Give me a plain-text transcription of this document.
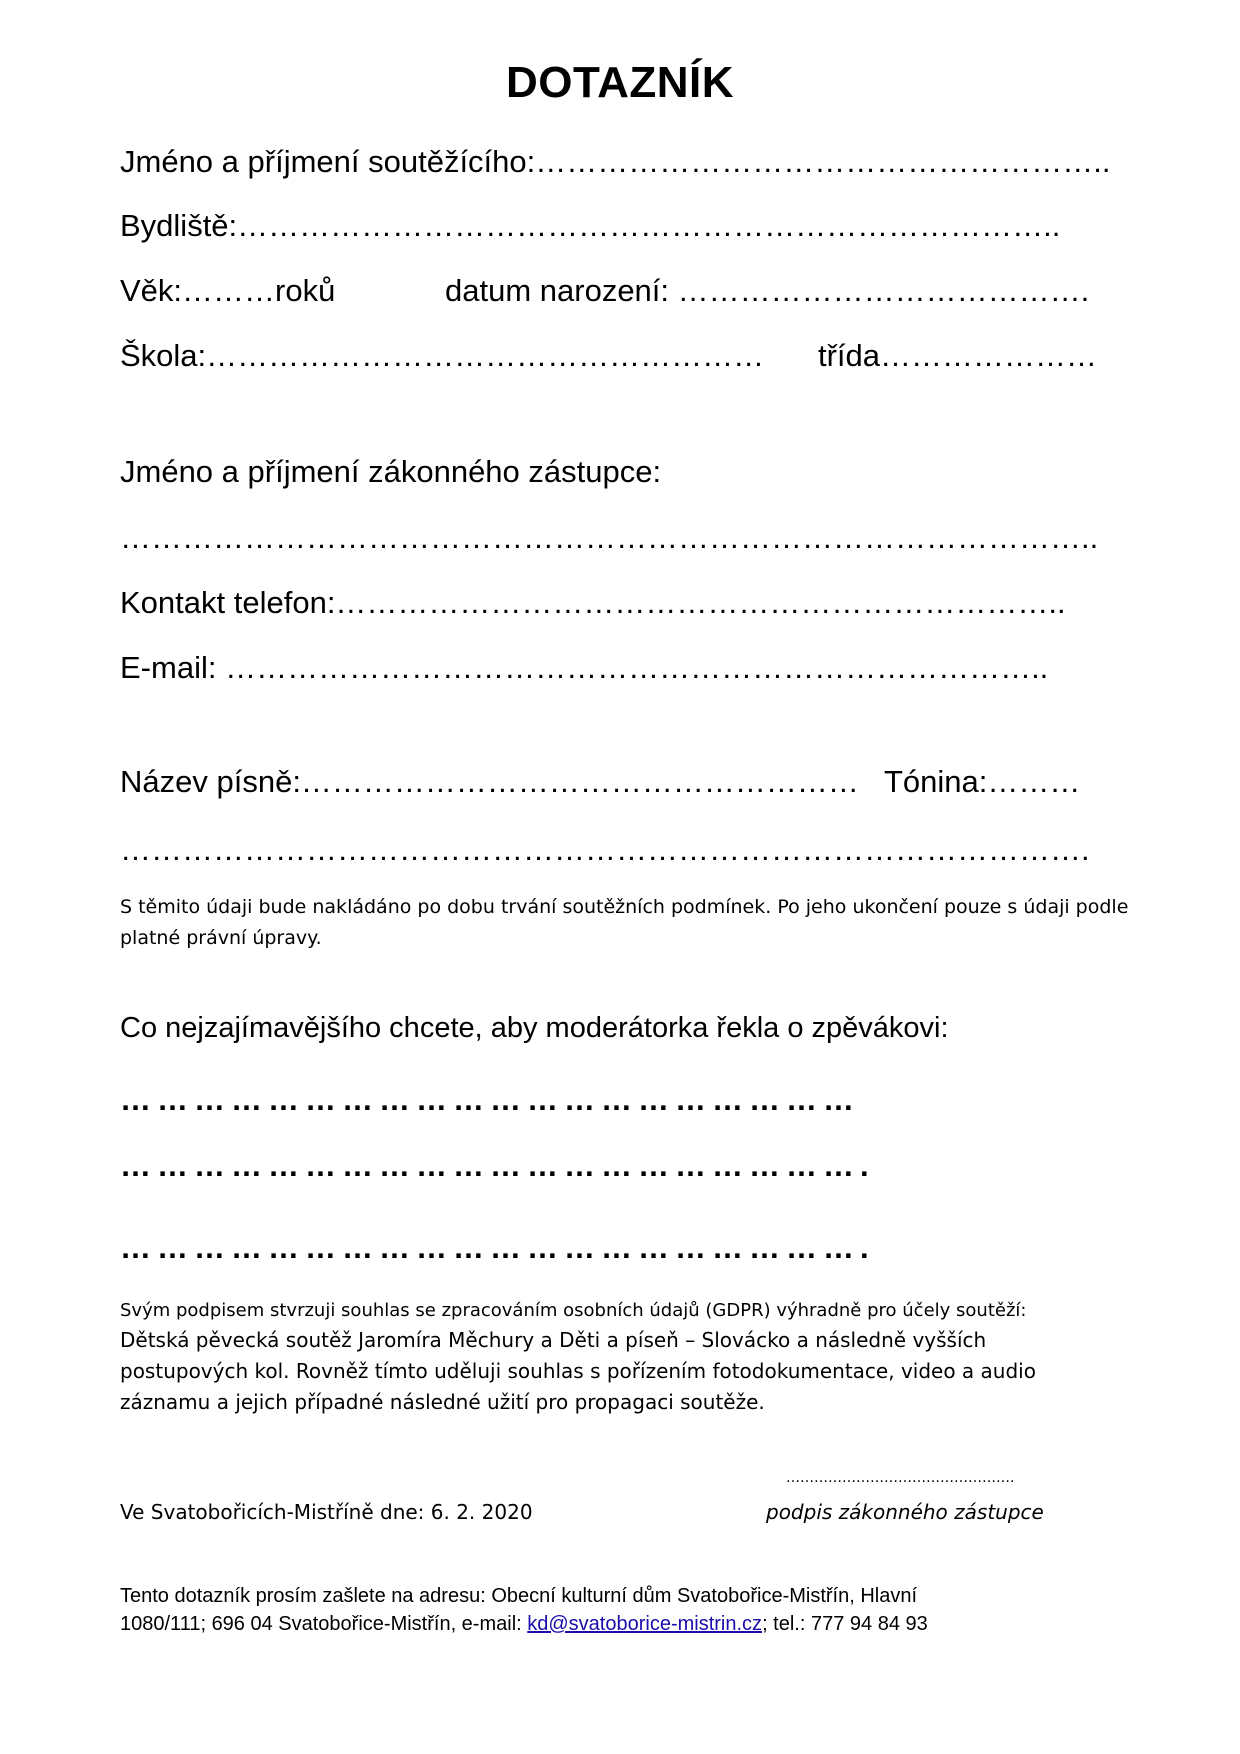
DOTAZNÍK
Jméno a příjmení soutěžícího:………………………………………………..
Bydliště:……………………………………………………………………..
Věk:………roků	datum narození: ………………………………….
Škola:……………………………………………… třída…………………
Jméno a příjmení zákonného zástupce:
…………………………………………………………………………………..
Kontakt telefon:……………………………………………………………..
E-mail: ……………………………………………………………………..
Název písně:……………………………………………… Tónina:………
………………………………………………………………………………….
S těmito údaji bude nakládáno po dobu trvání soutěžních podmínek. Po jeho ukončení pouze s údaji podle platné právní úpravy.
Co nejzajímavějšího chcete, aby moderátorka řekla o zpěvákovi:
……………………………………………………
…………………………………………………….
…………………………………………………….
Svým podpisem stvrzuji souhlas se zpracováním osobních údajů (GDPR) výhradně pro účely soutěží:
Dětská pěvecká soutěž Jaromíra Měchury a Děti a píseň – Slovácko a následně vyšších
postupových kol. Rovněž tímto uděluji souhlas s pořízením fotodokumentace, video a audio
záznamu a jejich případné následné užití pro propagaci soutěže.
………………………………………….
Ve Svatobořicích-Mistříně dne: 6. 2. 2020	podpis zákonného zástupce
Tento dotazník prosím zašlete na adresu: Obecní kulturní dům Svatobořice-Mistřín, Hlavní
1080/111; 696 04 Svatobořice-Mistřín, e-mail: kd@svatoborice-mistrin.cz; tel.: 777 94 84 93
